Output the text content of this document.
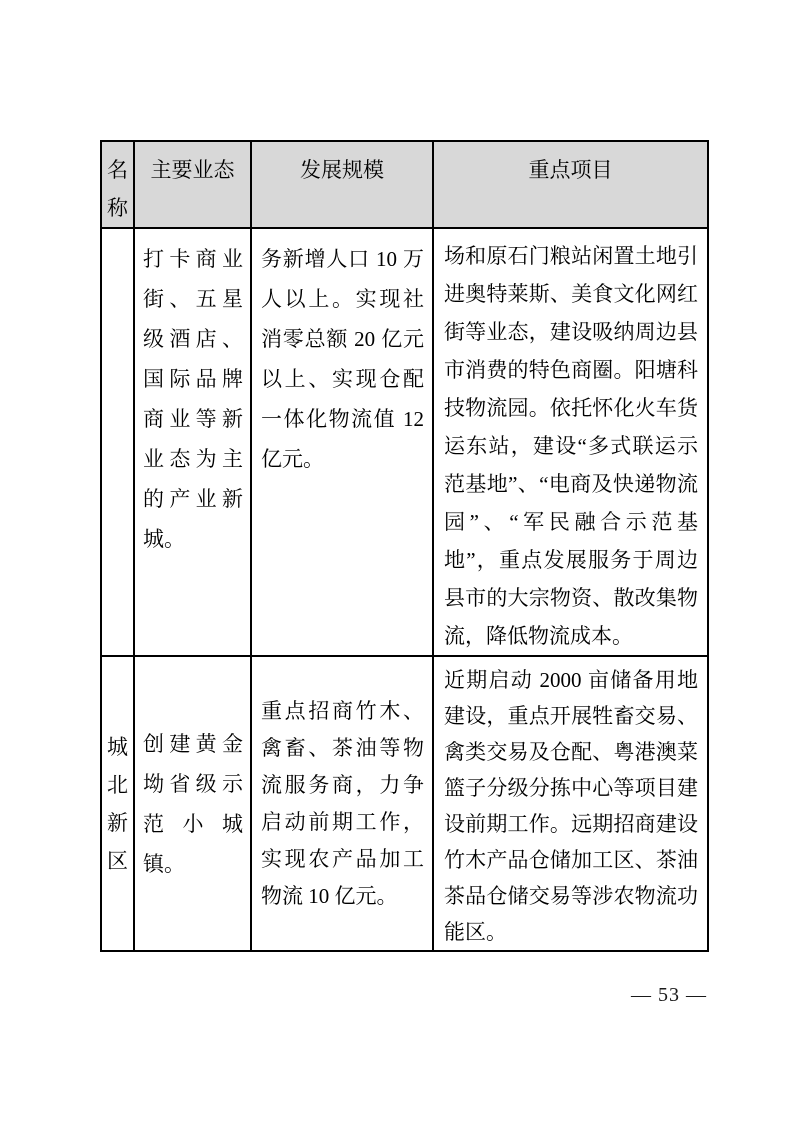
名称	主要业态	发展规模	重点项目
	打卡商业街、五星级酒店、国际品牌商业等新业态为主的产业新城。	务新增人口 10 万人以上。实现社消零总额 20 亿元以上、实现仓配一体化物流值 12 亿元。	场和原石门粮站闲置土地引进奥特莱斯、美食文化网红街等业态，建设吸纳周边县市消费的特色商圈。阳塘科技物流园。依托怀化火车货运东站，建设“多式联运示范基地”、“电商及快递物流园”、“军民融合示范基地”，重点发展服务于周边县市的大宗物资、散改集物流，降低物流成本。
城北新区	创建黄金坳省级示范小城镇。	重点招商竹木、禽畜、茶油等物流服务商，力争启动前期工作，实现农产品加工物流 10 亿元。	近期启动 2000 亩储备用地建设，重点开展牲畜交易、禽类交易及仓配、粤港澳菜篮子分级分拣中心等项目建设前期工作。远期招商建设竹木产品仓储加工区、茶油茶品仓储交易等涉农物流功能区。
— 53 —
